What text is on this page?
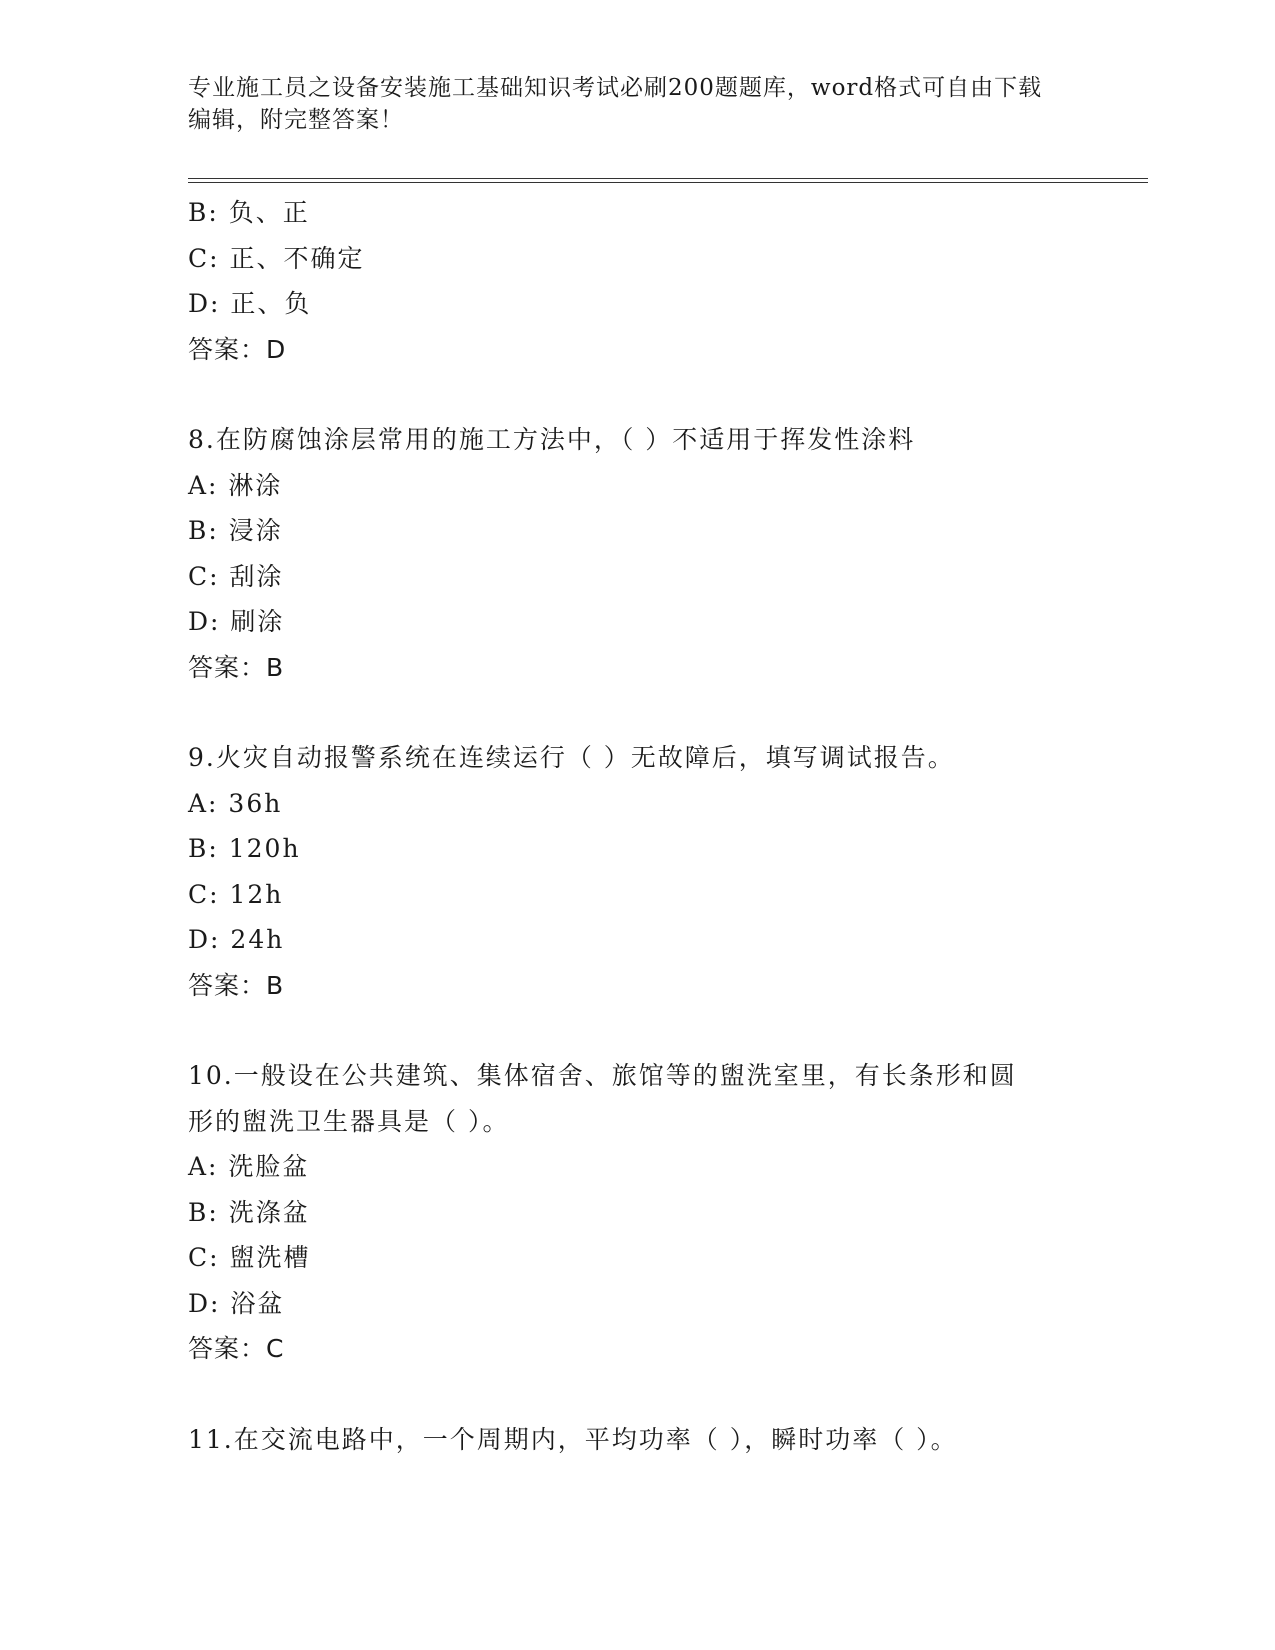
专业施工员之设备安装施工基础知识考试必刷200题题库，word格式可自由下载
编辑，附完整答案！
B: 负、正
C: 正、不确定
D: 正、负
答案：D
8.在防腐蚀涂层常用的施工方法中，（ ）不适用于挥发性涂料
A: 淋涂
B: 浸涂
C: 刮涂
D: 刷涂
答案：B
9.火灾自动报警系统在连续运行（ ）无故障后，填写调试报告。
A: 36h
B: 120h
C: 12h
D: 24h
答案：B
10.一般设在公共建筑、集体宿舍、旅馆等的盥洗室里，有长条形和圆
形的盥洗卫生器具是（ ）。
A: 洗脸盆
B: 洗涤盆
C: 盥洗槽
D: 浴盆
答案：C
11.在交流电路中，一个周期内，平均功率（ ），瞬时功率（ ）。
